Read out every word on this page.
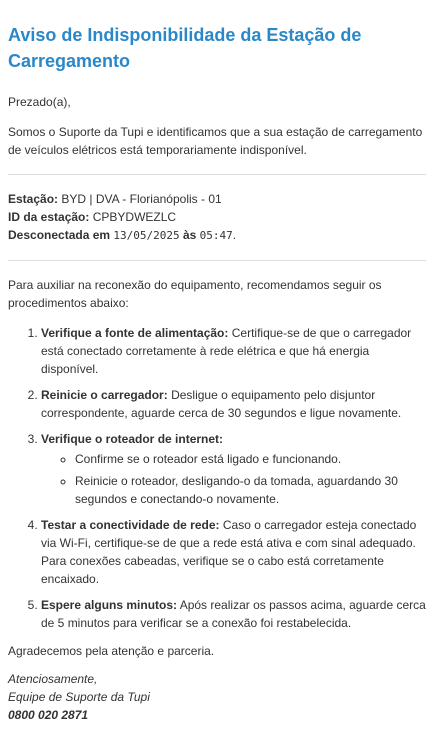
Aviso de Indisponibilidade da Estação de Carregamento

Prezado(a),

Somos o Suporte da Tupi e identificamos que a sua estação de carregamento de veículos elétricos está temporariamente indisponível.

Estação: BYD | DVA - Florianópolis - 01
ID da estação: CPBYDWEZLC
Desconectada em 13/05/2025 às 05:47.

Para auxiliar na reconexão do equipamento, recomendamos seguir os procedimentos abaixo:

1. Verifique a fonte de alimentação: Certifique-se de que o carregador está conectado corretamente à rede elétrica e que há energia disponível.
2. Reinicie o carregador: Desligue o equipamento pelo disjuntor correspondente, aguarde cerca de 30 segundos e ligue novamente.
3. Verifique o roteador de internet:
◦ Confirme se o roteador está ligado e funcionando.
◦ Reinicie o roteador, desligando-o da tomada, aguardando 30 segundos e conectando-o novamente.
4. Testar a conectividade de rede: Caso o carregador esteja conectado via Wi-Fi, certifique-se de que a rede está ativa e com sinal adequado. Para conexões cabeadas, verifique se o cabo está corretamente encaixado.
5. Espere alguns minutos: Após realizar os passos acima, aguarde cerca de 5 minutos para verificar se a conexão foi restabelecida.

Agradecemos pela atenção e parceria.

Atenciosamente,
Equipe de Suporte da Tupi
0800 020 2871
